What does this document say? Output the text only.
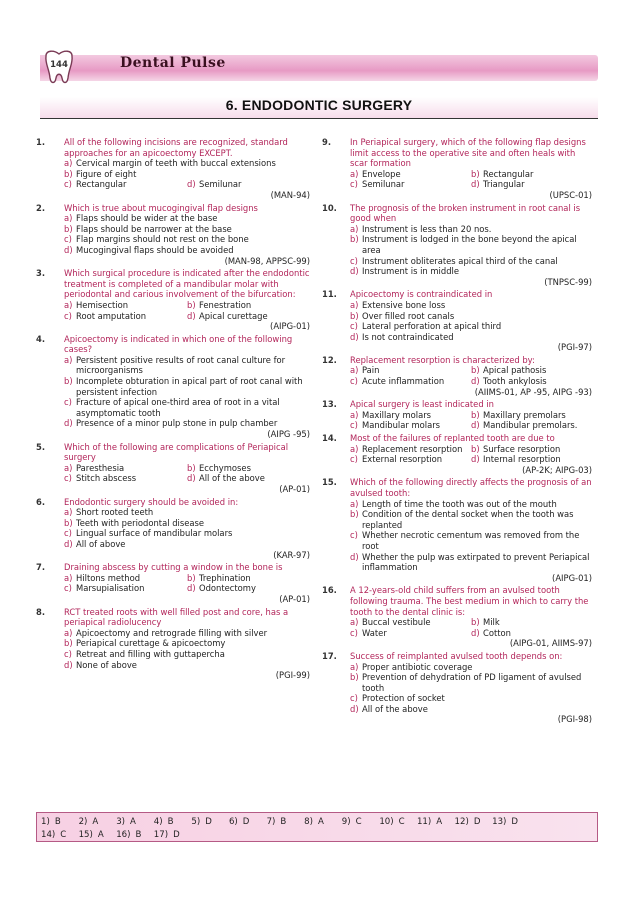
144	Dental Pulse
6. ENDODONTIC SURGERY
1. All of the following incisions are recognized, standard approaches for an apicoectomy EXCEPT.
a) Cervical margin of teeth with buccal extensions
b) Figure of eight
c) Rectangular	d) Semilunar
(MAN-94)
2. Which is true about mucogingival flap designs
a) Flaps should be wider at the base
b) Flaps should be narrower at the base
c) Flap margins should not rest on the bone
d) Mucogingival flaps should be avoided
(MAN-98, APPSC-99)
3. Which surgical procedure is indicated after the endodontic treatment is completed of a mandibular molar with periodontal and carious involvement of the bifurcation:
a) Hemisection	b) Fenestration
c) Root amputation	d) Apical curettage
(AIPG-01)
4. Apicoectomy is indicated in which one of the following cases?
a) Persistent positive results of root canal culture for microorganisms
b) Incomplete obturation in apical part of root canal with persistent infection
c) Fracture of apical one-third area of root in a vital asymptomatic tooth
d) Presence of a minor pulp stone in pulp chamber
(AIPG -95)
5. Which of the following are complications of Periapical surgery
a) Paresthesia	b) Ecchymoses
c) Stitch abscess	d) All of the above
(AP-01)
6. Endodontic surgery should be avoided in:
a) Short rooted teeth
b) Teeth with periodontal disease
c) Lingual surface of mandibular molars
d) All of above
(KAR-97)
7. Draining abscess by cutting a window in the bone is
a) Hiltons method	b) Trephination
c) Marsupialisation	d) Odontectomy
(AP-01)
8. RCT treated roots with well filled post and core, has a periapical radiolucency
a) Apicoectomy and retrograde filling with silver
b) Periapical curettage & apicoectomy
c) Retreat and filling with guttapercha
d) None of above
(PGI-99)
9. In Periapical surgery, which of the following flap designs limit access to the operative site and often heals with scar formation
a) Envelope	b) Rectangular
c) Semilunar	d) Triangular
(UPSC-01)
10. The prognosis of the broken instrument in root canal is good when
a) Instrument is less than 20 nos.
b) Instrument is lodged in the bone beyond the apical area
c) Instrument obliterates apical third of the canal
d) Instrument is in middle
(TNPSC-99)
11. Apicoectomy is contraindicated in
a) Extensive bone loss
b) Over filled root canals
c) Lateral perforation at apical third
d) Is not contraindicated
(PGI-97)
12. Replacement resorption is characterized by:
a) Pain	b) Apical pathosis
c) Acute inflammation	d) Tooth ankylosis
(AIIMS-01, AP -95, AIPG -93)
13. Apical surgery is least indicated in
a) Maxillary molars	b) Maxillary premolars
c) Mandibular molars	d) Mandibular premolars.
14. Most of the failures of replanted tooth are due to
a) Replacement resorption	b) Surface resorption
c) External resorption	d) Internal resorption
(AP-2K; AIPG-03)
15. Which of the following directly affects the prognosis of an avulsed tooth:
a) Length of time the tooth was out of the mouth
b) Condition of the dental socket when the tooth was replanted
c) Whether necrotic cementum was removed from the root
d) Whether the pulp was extirpated to prevent Periapical inflammation
(AIPG-01)
16. A 12-years-old child suffers from an avulsed tooth following trauma. The best medium in which to carry the tooth to the dental clinic is:
a) Buccal vestibule	b) Milk
c) Water	d) Cotton
(AIPG-01, AIIMS-97)
17. Success of reimplanted avulsed tooth depends on:
a) Proper antibiotic coverage
b) Prevention of dehydration of PD ligament of avulsed tooth
c) Protection of socket
d) All of the above
(PGI-98)
1) B	2) A	3) A	4) B	5) D	6) D	7) B	8) A	9) C	10) C	11) A	12) D	13) D
14) C	15) A	16) B	17) D
